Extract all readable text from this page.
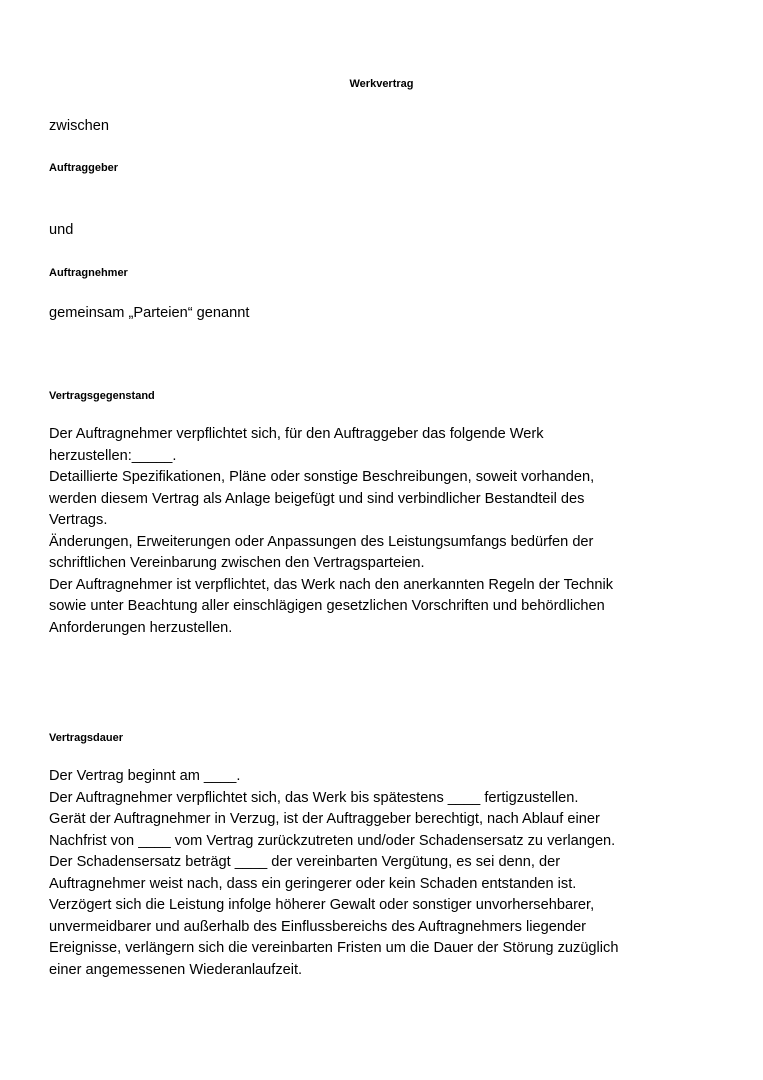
Werkvertrag
zwischen
Auftraggeber
und
Auftragnehmer
gemeinsam „Parteien“ genannt
Vertragsgegenstand
Der Auftragnehmer verpflichtet sich, für den Auftraggeber das folgende Werk
herzustellen:_____.
Detaillierte Spezifikationen, Pläne oder sonstige Beschreibungen, soweit vorhanden,
werden diesem Vertrag als Anlage beigefügt und sind verbindlicher Bestandteil des
Vertrags.
Änderungen, Erweiterungen oder Anpassungen des Leistungsumfangs bedürfen der
schriftlichen Vereinbarung zwischen den Vertragsparteien.
Der Auftragnehmer ist verpflichtet, das Werk nach den anerkannten Regeln der Technik
sowie unter Beachtung aller einschlägigen gesetzlichen Vorschriften und behördlichen
Anforderungen herzustellen.
Vertragsdauer
Der Vertrag beginnt am ____.
Der Auftragnehmer verpflichtet sich, das Werk bis spätestens ____ fertigzustellen.
Gerät der Auftragnehmer in Verzug, ist der Auftraggeber berechtigt, nach Ablauf einer
Nachfrist von ____ vom Vertrag zurückzutreten und/oder Schadensersatz zu verlangen.
Der Schadensersatz beträgt ____ der vereinbarten Vergütung, es sei denn, der
Auftragnehmer weist nach, dass ein geringerer oder kein Schaden entstanden ist.
Verzögert sich die Leistung infolge höherer Gewalt oder sonstiger unvorhersehbarer,
unvermeidbarer und außerhalb des Einflussbereichs des Auftragnehmers liegender
Ereignisse, verlängern sich die vereinbarten Fristen um die Dauer der Störung zuzüglich
einer angemessenen Wiederanlaufzeit.
